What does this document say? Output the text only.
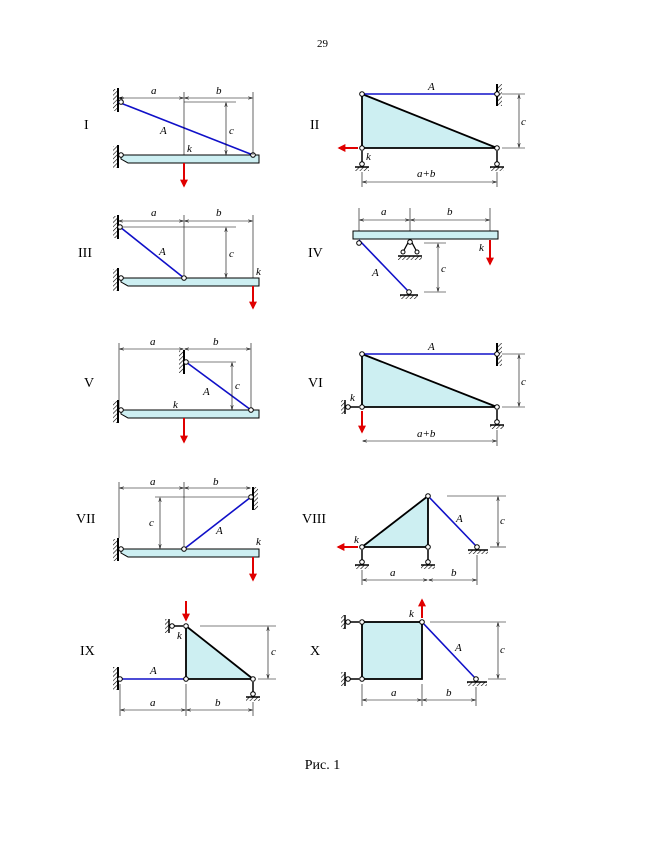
29
I	II
III	IV
V	VI
VII	VIII
IX	X
a	b
c
A
k
A
c
k
a+b
a	b
c
A
k
a	b
c
A
k
a	b
c
A
k
A
c
k
a+b
a	b
c
A
k
c
A
k
a	b
c
A
k
a	b
c
A
k
a	b
Рис. 1
